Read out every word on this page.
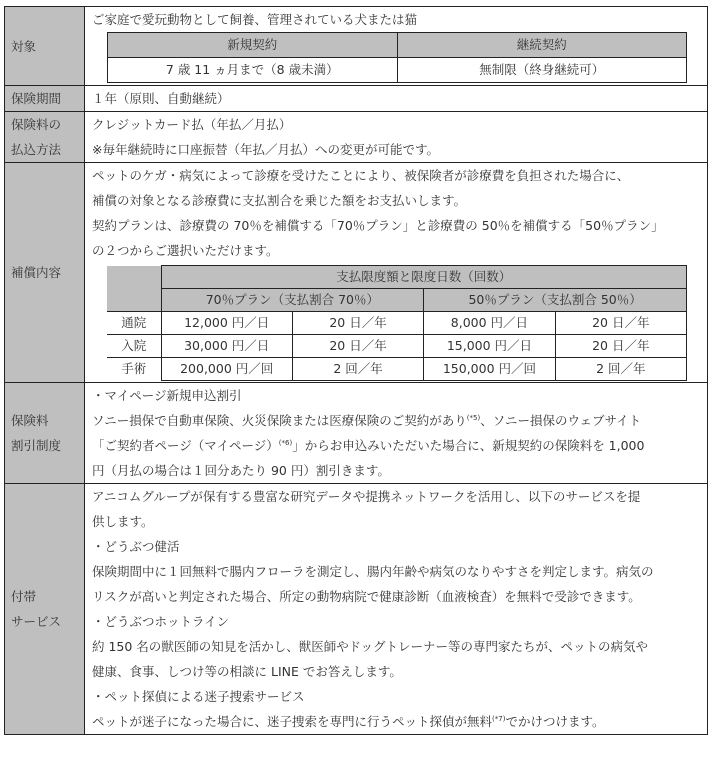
対象	
ご家庭で愛玩動物として飼養、管理されている犬または猫
新規契約	継続契約
7 歳 11 ヵ月まで（8 歳未満）	無制限（終身継続可）

保険期間	１年（原則、自動継続）

保険料の
払込方法

クレジットカード払（年払／月払）
※毎年継続時に口座振替（年払／月払）への変更が可能です。

補償内容	
ペットのケガ・病気によって診療を受けたことにより、被保険者が診療費を負担された場合に、
補償の対象となる診療費に支払割合を乗じた額をお支払いします。
契約プランは、診療費の 70％を補償する「70％プラン」と診療費の 50％を補償する「50％プラン」
の２つからご選択いただけます。
	支払限度額と限度日数（回数）
70％プラン（支払割合 70％）	50％プラン（支払割合 50％）
通院	12,000 円／日	20 日／年	8,000 円／日	20 日／年
入院	30,000 円／日	20 日／年	15,000 円／日	20 日／年
手術	200,000 円／回	2 回／年	150,000 円／回	2 回／年

保険料
割引制度

・マイページ新規申込割引
ソニー損保で自動車保険、火災保険または医療保険のご契約があり$^{(*5)}$、ソニー損保のウェブサイト
「ご契約者ページ（マイページ）$^{(*6)}$」からお申込みいただいた場合に、新規契約の保険料を 1,000
円（月払の場合は１回分あたり 90 円）割引きます。

付帯
サービス

アニコムグループが保有する豊富な研究データや提携ネットワークを活用し、以下のサービスを提
供します。
・どうぶつ健活
保険期間中に１回無料で腸内フローラを測定し、腸内年齢や病気のなりやすさを判定します。病気の
リスクが高いと判定された場合、所定の動物病院で健康診断（血液検査）を無料で受診できます。
・どうぶつホットライン
約 150 名の獣医師の知見を活かし、獣医師やドッグトレーナー等の専門家たちが、ペットの病気や
健康、食事、しつけ等の相談に LINE でお答えします。
・ペット探偵による迷子捜索サービス
ペットが迷子になった場合に、迷子捜索を専門に行うペット探偵が無料$^{(*7)}$でかけつけます。
